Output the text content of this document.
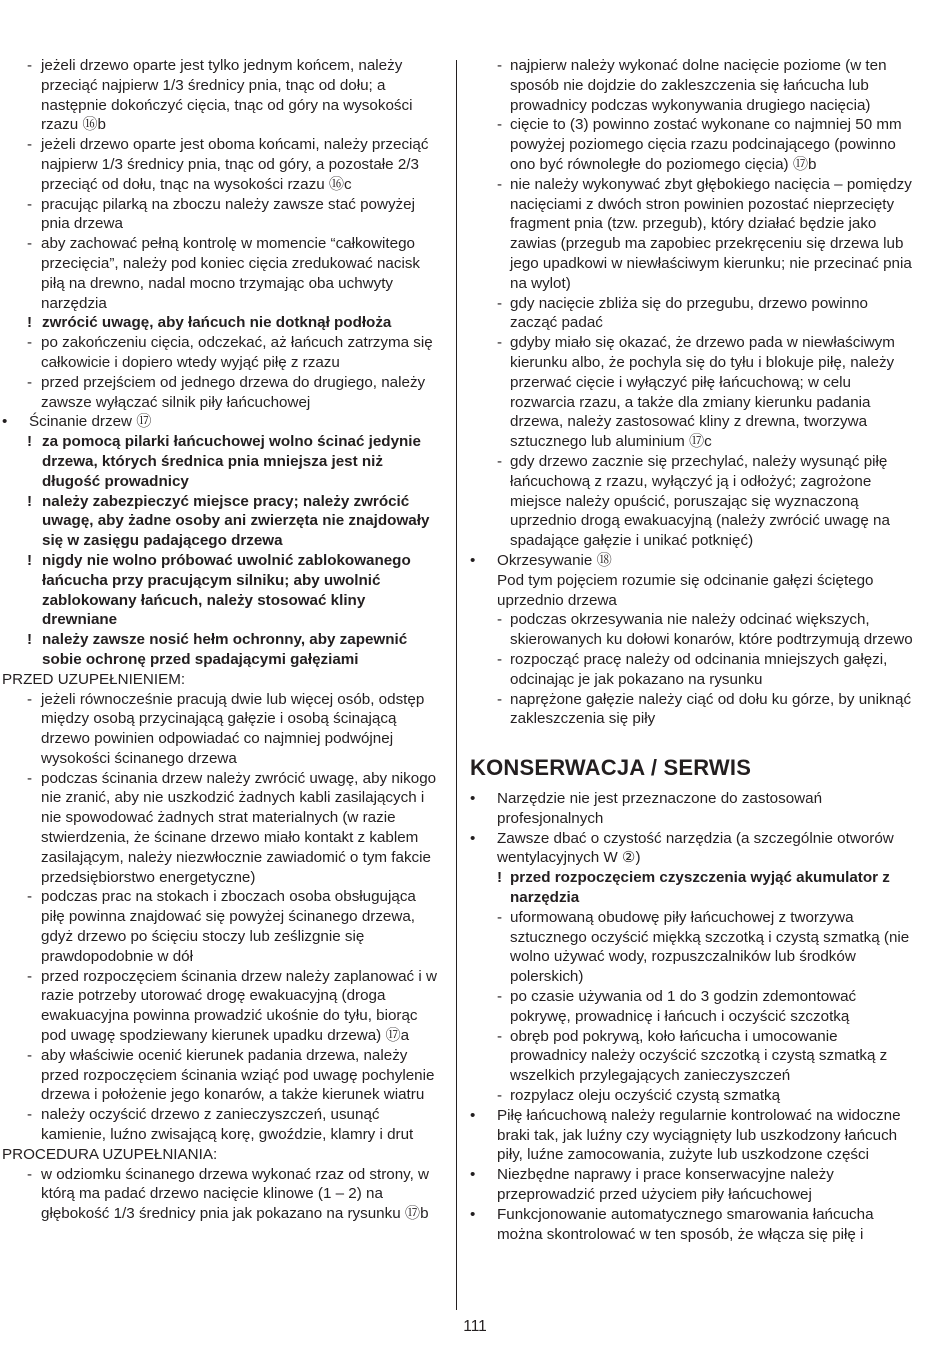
- jeżeli drzewo oparte jest tylko jednym końcem, należy przeciąć najpierw 1/3 średnicy pnia, tnąc od dołu; a następnie dokończyć cięcia, tnąc od góry na wysokości rzazu ⑯b
- jeżeli drzewo oparte jest oboma końcami, należy przeciąć najpierw 1/3 średnicy pnia, tnąc od góry, a pozostałe 2/3 przeciąć od dołu, tnąc na wysokości rzazu ⑯c
- pracując pilarką na zboczu należy zawsze stać powyżej pnia drzewa
- aby zachować pełną kontrolę w momencie “całkowitego przecięcia”, należy pod koniec cięcia zredukować nacisk piłą na drewno, nadal mocno trzymając oba uchwyty narzędzia
! zwrócić uwagę, aby łańcuch nie dotknął podłoża
- po zakończeniu cięcia, odczekać, aż łańcuch zatrzyma się całkowicie i dopiero wtedy wyjąć piłę z rzazu
- przed przejściem od jednego drzewa do drugiego, należy zawsze wyłączać silnik piły łańcuchowej
• Ścinanie drzew ⑰
! za pomocą pilarki łańcuchowej wolno ścinać jedynie drzewa, których średnica pnia mniejsza jest niż długość prowadnicy
! należy zabezpieczyć miejsce pracy; należy zwrócić uwagę, aby żadne osoby ani zwierzęta nie znajdowały się w zasięgu padającego drzewa
! nigdy nie wolno próbować uwolnić zablokowanego łańcucha przy pracującym silniku; aby uwolnić zablokowany łańcuch, należy stosować kliny drewniane
! należy zawsze nosić hełm ochronny, aby zapewnić sobie ochronę przed spadającymi gałęziami
PRZED UZUPEŁNIENIEM:
- jeżeli równocześnie pracują dwie lub więcej osób, odstęp między osobą przycinającą gałęzie i osobą ścinającą drzewo powinien odpowiadać co najmniej podwójnej wysokości ścinanego drzewa
- podczas ścinania drzew należy zwrócić uwagę, aby nikogo nie zranić, aby nie uszkodzić żadnych kabli zasilających i nie spowodować żadnych strat materialnych (w razie stwierdzenia, że ścinane drzewo miało kontakt z kablem zasilającym, należy niezwłocznie zawiadomić o tym fakcie przedsiębiorstwo energetyczne)
- podczas prac na stokach i zboczach osoba obsługująca piłę powinna znajdować się powyżej ścinanego drzewa, gdyż drzewo po ścięciu stoczy lub ześlizgnie się prawdopodobnie w dół
- przed rozpoczęciem ścinania drzew należy zaplanować i w razie potrzeby utorować drogę ewakuacyjną (droga ewakuacyjna powinna prowadzić ukośnie do tyłu, biorąc pod uwagę spodziewany kierunek upadku drzewa) ⑰a
- aby właściwie ocenić kierunek padania drzewa, należy przed rozpoczęciem ścinania wziąć pod uwagę pochylenie drzewa i położenie jego konarów, a także kierunek wiatru
- należy oczyścić drzewo z zanieczyszczeń, usunąć kamienie, luźno zwisającą korę, gwoździe, klamry i drut
PROCEDURA UZUPEŁNIANIA:
- w odziomku ścinanego drzewa wykonać rzaz od strony, w którą ma padać drzewo nacięcie klinowe (1 – 2) na głębokość 1/3 średnicy pnia jak pokazano na rysunku ⑰b
- najpierw należy wykonać dolne nacięcie poziome (w ten sposób nie dojdzie do zakleszczenia się łańcucha lub prowadnicy podczas wykonywania drugiego nacięcia)
- cięcie to (3) powinno zostać wykonane co najmniej 50 mm powyżej poziomego cięcia rzazu podcinającego (powinno ono być równoległe do poziomego cięcia) ⑰b
- nie należy wykonywać zbyt głębokiego nacięcia – pomiędzy nacięciami z dwóch stron powinien pozostać nieprzecięty fragment pnia (tzw. przegub), który działać będzie jako zawias (przegub ma zapobiec przekręceniu się drzewa lub jego upadkowi w niewłaściwym kierunku; nie przecinać pnia na wylot)
- gdy nacięcie zbliża się do przegubu, drzewo powinno zacząć padać
- gdyby miało się okazać, że drzewo pada w niewłaściwym kierunku albo, że pochyla się do tyłu i blokuje piłę, należy przerwać cięcie i wyłączyć piłę łańcuchową; w celu rozwarcia rzazu, a także dla zmiany kierunku padania drzewa, należy zastosować kliny z drewna, tworzywa sztucznego lub aluminium ⑰c
- gdy drzewo zacznie się przechylać, należy wysunąć piłę łańcuchową z rzazu, wyłączyć ją i odłożyć; zagrożone miejsce należy opuścić, poruszając się wyznaczoną uprzednio drogą ewakuacyjną (należy zwrócić uwagę na spadające gałęzie i unikać potknięć)
• Okrzesywanie ⑱
Pod tym pojęciem rozumie się odcinanie gałęzi ściętego uprzednio drzewa
- podczas okrzesywania nie należy odcinać większych, skierowanych ku dołowi konarów, które podtrzymują drzewo
- rozpocząć pracę należy od odcinania mniejszych gałęzi, odcinając je jak pokazano na rysunku
- naprężone gałęzie należy ciąć od dołu ku górze, by uniknąć zakleszczenia się piły
KONSERWACJA / SERWIS
• Narzędzie nie jest przeznaczone do zastosowań profesjonalnych
• Zawsze dbać o czystość narzędzia (a szczególnie otworów wentylacyjnych W ②)
! przed rozpoczęciem czyszczenia wyjąć akumulator z narzędzia
- uformowaną obudowę piły łańcuchowej z tworzywa sztucznego oczyścić miękką szczotką i czystą szmatką (nie wolno używać wody, rozpuszczalników lub środków polerskich)
- po czasie używania od 1 do 3 godzin zdemontować pokrywę, prowadnicę i łańcuch i oczyścić szczotką
- obręb pod pokrywą, koło łańcucha i umocowanie prowadnicy należy oczyścić szczotką i czystą szmatką z wszelkich przylegających zanieczyszczeń
- rozpylacz oleju oczyścić czystą szmatką
• Piłę łańcuchową należy regularnie kontrolować na widoczne braki tak, jak luźny czy wyciągnięty lub uszkodzony łańcuch piły, luźne zamocowania, zużyte lub uszkodzone części
• Niezbędne naprawy i prace konserwacyjne należy przeprowadzić przed użyciem piły łańcuchowej
• Funkcjonowanie automatycznego smarowania łańcucha można skontrolować w ten sposób, że włącza się piłę i
111
